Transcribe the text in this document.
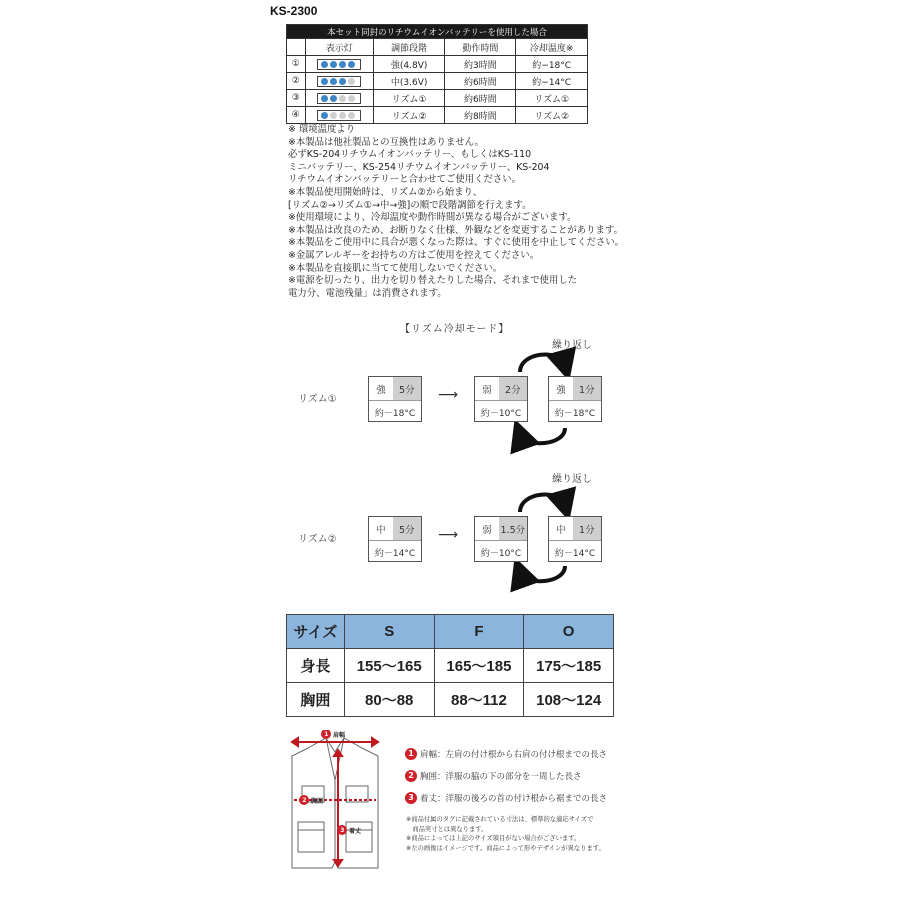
KS-2300
本セット同封のリチウムイオンバッテリーを使用した場合				
	表示灯	調節段階	動作時間	冷却温度※
①		強(4.8V)	約3時間	約−18°C
②		中(3.6V)	約6時間	約−14°C
③		リズム①	約6時間	リズム①
④		リズム②	約8時間	リズム②
※ 環境温度より
※本製品は他社製品との互換性はありません。
必ずKS-204リチウムイオンバッテリー、もしくはKS-110
ミニバッテリー、KS-254リチウムイオンバッテリー、KS-204
リチウムイオンバッテリーと合わせてご使用ください。
※本製品使用開始時は、リズム②から始まり、
[リズム②→リズム①→中→強]の順で段階調節を行えます。
※使用環境により、冷却温度や動作時間が異なる場合がございます。
※本製品は改良のため、お断りなく仕様、外観などを変更することがあります。
※本製品をご使用中に具合が悪くなった際は、すぐに使用を中止してください。
※金属アレルギーをお持ちの方はご使用を控えてください。
※本製品を直接肌に当てて使用しないでください。
※電源を切ったり、出力を切り替えたりした場合、それまで使用した
電力分、電池残量」は消費されます。
【リズム冷却モード】
繰り返し
繰り返し
リズム①
リズム②
⟶
⟶
強	5分
約－18°C
弱	2分
約－10°C
強	1分
約－18°C
中	5分
約－14°C
弱 1.5分
約－10°C
中	1分
約－14°C
サイズ	S	F	O
身長	155〜165	165〜185	175〜185
胸囲	80〜88	88〜112	108〜124
1
2
3
肩幅
胸囲
着丈
1 肩幅 ：左肩の付け根から右肩の付け根までの長さ
2 胸囲 ：洋服の脇の下の部分を一周した長さ
3 着丈 ：洋服の後ろの首の付け根から裾までの長さ
※商品付属のタグに記載されている寸法は、標準的な適応サイズで
　商品実寸とは異なります。
※商品によっては上記のサイズ項目がない場合がございます。
※左の画像はイメージです。商品によって形やデザインが異なります。
